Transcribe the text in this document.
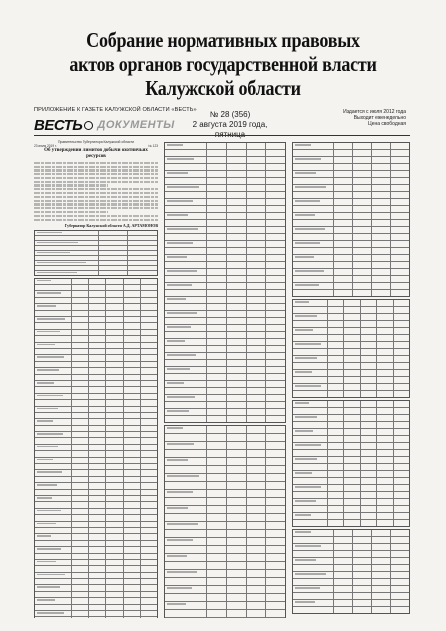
Собрание нормативных правовых
актов органов государственной власти
Калужской области
ПРИЛОЖЕНИЕ К ГАЗЕТЕ КАЛУЖСКОЙ ОБЛАСТИ «ВЕСТЬ»
ВЕСТЬ ДОКУМЕНТЫ
№ 28 (356)
2 августа 2019 года,
Издается с июля 2012 года
Выходит еженедельно
Цена свободная
Правительство Губернатора Калужской области
23 июля 2019 г.	№ 123
Об утверждении лимитов добычи охотничьих ресурсов
Губернатор Калужской области А.Д. АРТАМОНОВ
